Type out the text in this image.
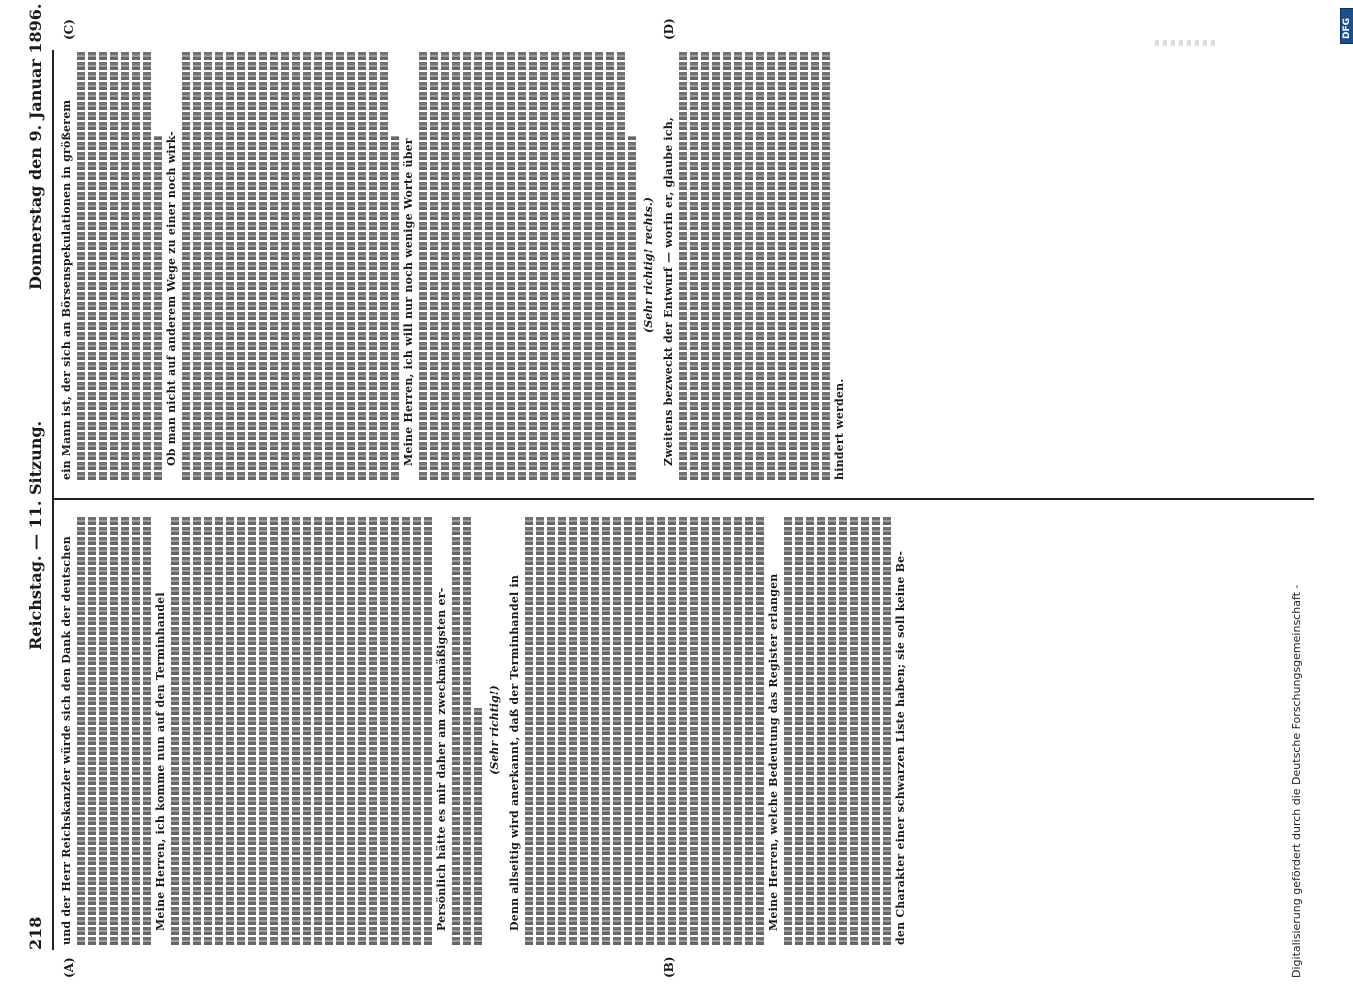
218
Reichstag. — 11. Sitzung.
Donnerstag den 9. Januar 1896.
(A)	(B)
(C)	(D)
und der Herr Reichskanzler würde sich den Dank der deutschen	Meine Herren, ich komme nun auf den Terminhandel	Persönlich hätte es mir daher am zweckmäßigsten er-	(Sehr richtig!) Denn allseitig wird anerkannt, daß der Terminhandel in	Meine Herren, welche Bedeutung das Register erlangen	den Charakter einer schwarzen Liste haben; sie soll keine Be-
ein Mann ist, der sich an Börsenspekulationen in größerem	Ob man nicht auf anderem Wege zu einer noch wirk-	Meine Herren, ich will nur noch wenige Worte über	(Sehr richtig! rechts.) Zweitens bezweckt der Entwurf — worin er, glaube ich,	hindert werden.
Digitalisierung gefördert durch die Deutsche Forschungsgemeinschaft -
DFG
